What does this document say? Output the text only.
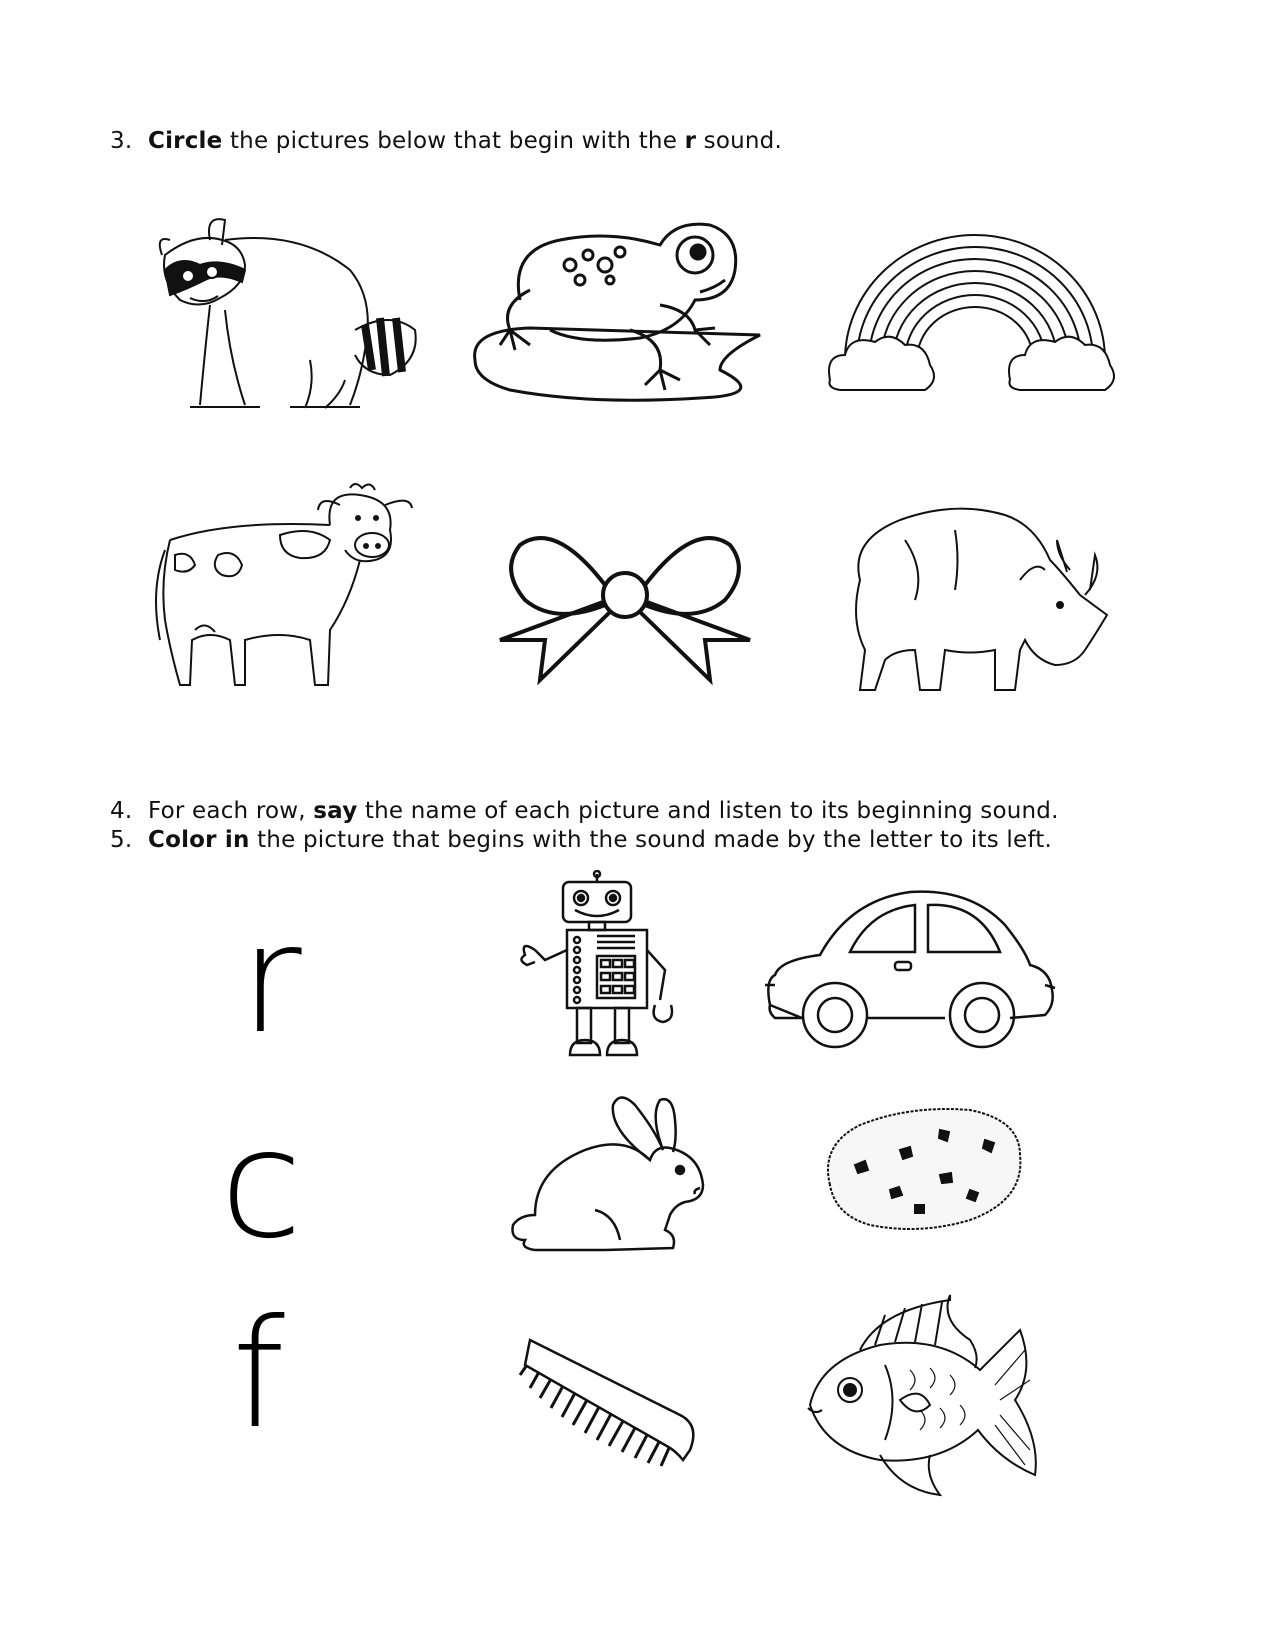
3. Circle the pictures below that begin with the r sound.
4. For each row, say the name of each picture and listen to its beginning sound.
5. Color in the picture that begins with the sound made by the letter to its left.
r
c
f
